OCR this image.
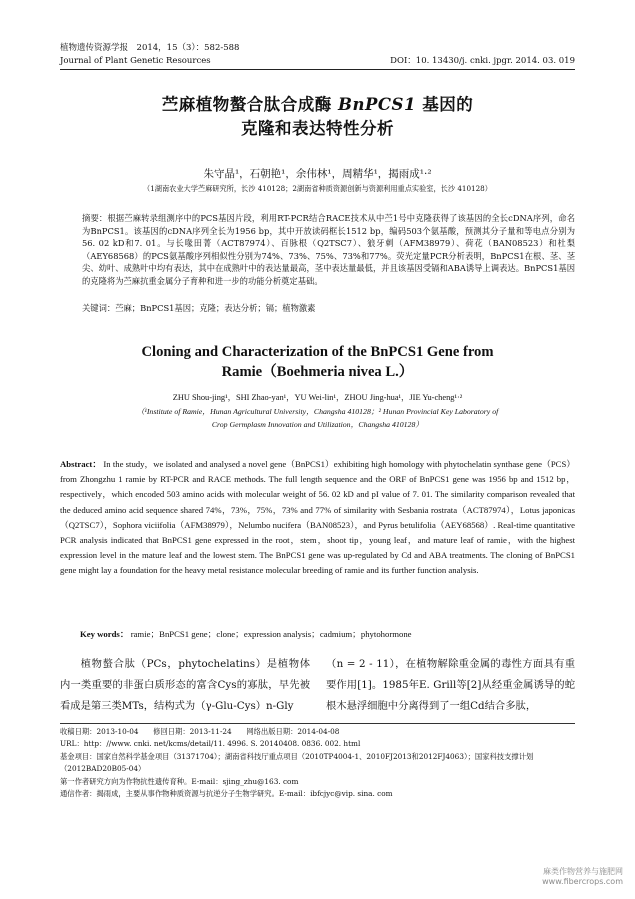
植物遗传资源学报　 2014，15（3）：582-588
Journal of Plant Genetic Resources	DOI：10. 13430/j. cnki. jpgr. 2014. 03. 019
苎麻植物螯合肽合成酶 BnPCS1 基因的
克隆和表达特性分析
朱守晶¹，石朝艳¹，余伟林¹，周精华¹，揭雨成¹·²
（1湖南农业大学苎麻研究所，长沙 410128；2湖南省种质资源创新与资源利用重点实验室，长沙 410128）
摘要：根据苎麻转录组测序中的PCS基因片段，利用RT-PCR结合RACE技术从中苎1号中克隆获得了该基因的全长cDNA序列，命名为BnPCS1。该基因的cDNA序列全长为1956 bp，其中开放读码框长1512 bp，编码503个氨基酸，预测其分子量和等电点分别为56. 02 kD和7. 01。与长喙田菁（ACT87974）、百脉根（Q2TSC7）、狼牙刺（AFM38979）、荷花（BAN08523）和杜梨（AEY68568）的PCS氨基酸序列相似性分别为74%、73%、75%、73%和77%。荧光定量PCR分析表明，BnPCS1在根、茎、茎尖、幼叶、成熟叶中均有表达，其中在成熟叶中的表达量最高，茎中表达量最低，并且该基因受镉和ABA诱导上调表达。BnPCS1基因的克隆将为苎麻抗重金属分子育种和进一步的功能分析奠定基础。
关键词：苎麻；BnPCS1基因；克隆；表达分析；镉；植物激素
Cloning and Characterization of the BnPCS1 Gene from
Ramie（Boehmeria nivea L.）
ZHU Shou-jing¹，SHI Zhao-yan¹，YU Wei-lin¹，ZHOU Jing-hua¹，JIE Yu-cheng¹·²
（¹Institute of Ramie，Hunan Agricultural University，Changsha 410128；² Hunan Provincial Key Laboratory of
Crop Germplasm Innovation and Utilization，Changsha 410128）
Abstract： In the study，we isolated and analysed a novel gene（BnPCS1）exhibiting high homology with phytochelatin synthase gene（PCS）from Zhongzhu 1 ramie by RT-PCR and RACE methods. The full length sequence and the ORF of BnPCS1 gene was 1956 bp and 1512 bp，respectively，which encoded 503 amino acids with molecular weight of 56. 02 kD and pI value of 7. 01. The similarity comparison revealed that the deduced amino acid sequence shared 74%，73%，75%，73% and 77% of similarity with Sesbania rostrata（ACT87974），Lotus japonicas（Q2TSC7），Sophora viciifolia（AFM38979），Nelumbo nucifera（BAN08523），and Pyrus betulifolia（AEY68568）. Real-time quantitative PCR analysis indicated that BnPCS1 gene expressed in the root，stem，shoot tip，young leaf，and mature leaf of ramie，with the highest expression level in the mature leaf and the lowest stem. The BnPCS1 gene was up-regulated by Cd and ABA treatments. The cloning of BnPCS1 gene might lay a foundation for the heavy metal resistance molecular breeding of ramie and its further function analysis.
Key words： ramie；BnPCS1 gene；clone；expression analysis；cadmium；phytohormone
植物螯合肽（PCs，phytochelatins）是植物体内一类重要的非蛋白质形态的富含Cys的寡肽，早先被看成是第三类MTs，结构式为（γ-Glu-Cys）n-Gly
（n = 2 - 11），在植物解除重金属的毒性方面具有重要作用[1]。1985年E. Grill等[2]从经重金属诱导的蛇根木悬浮细胞中分离得到了一组Cd结合多肽，
收稿日期：2013-10-04　　修回日期：2013-11-24　　网络出版日期：2014-04-08
URL：http：//www. cnki. net/kcms/detail/11. 4996. S. 20140408. 0836. 002. html
基金项目：国家自然科学基金项目（31371704）；湖南省科技厅重点项目（2010TP4004-1、2010FJ2013和2012FJ4063）；国家科技支撑计划（2012BAD20B05-04）
第一作者研究方向为作物抗性遗传育种。E-mail：sjing_zhu@163. com
通信作者：揭雨成，主要从事作物种质资源与抗逆分子生物学研究。E-mail：ibfcjyc@vip. sina. com
麻类作物营养与施肥网
www.fibercrops.com
